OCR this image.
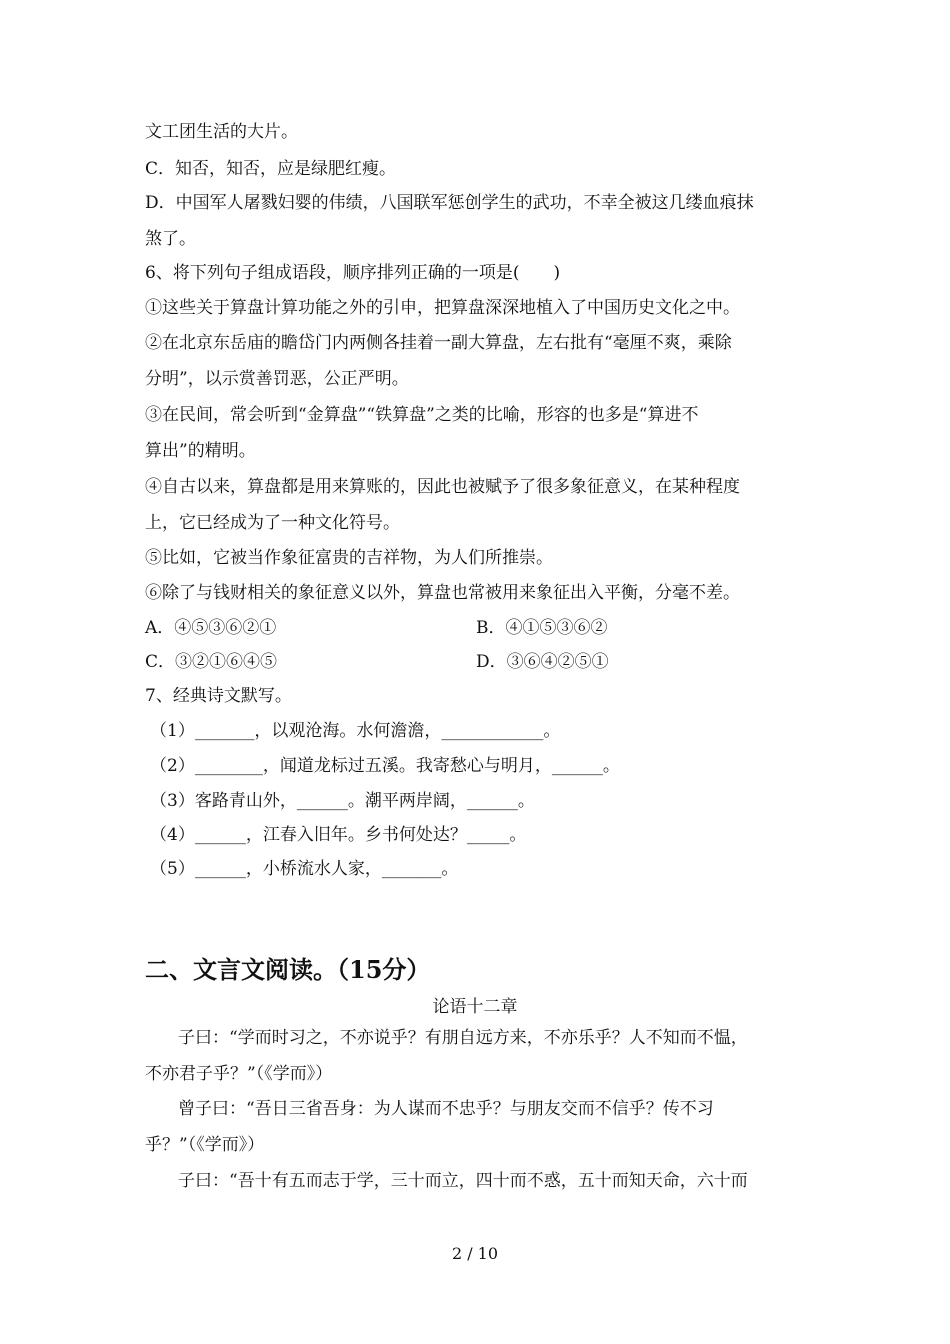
文工团生活的大片。
C．知否，知否，应是绿肥红瘦。
D．中国军人屠戮妇婴的伟绩，八国联军惩创学生的武功，不幸全被这几缕血痕抹
煞了。
6、将下列句子组成语段，顺序排列正确的一项是(　　)
①这些关于算盘计算功能之外的引申，把算盘深深地植入了中国历史文化之中。
②在北京东岳庙的瞻岱门内两侧各挂着一副大算盘，左右批有“毫厘不爽，乘除
分明”，以示赏善罚恶，公正严明。
③在民间，常会听到“金算盘”“铁算盘”之类的比喻，形容的也多是“算进不
算出”的精明。
④自古以来，算盘都是用来算账的，因此也被赋予了很多象征意义，在某种程度
上，它已经成为了一种文化符号。
⑤比如，它被当作象征富贵的吉祥物，为人们所推崇。
⑥除了与钱财相关的象征意义以外，算盘也常被用来象征出入平衡，分毫不差。
A．④⑤③⑥②①	B．④①⑤③⑥②
C．③②①⑥④⑤	D．③⑥④②⑤①
7、经典诗文默写。
（1）_______，以观沧海。水何澹澹，____________。
（2）________，闻道龙标过五溪。我寄愁心与明月，______。
（3）客路青山外，______。潮平两岸阔，______。
（4）______，江春入旧年。乡书何处达？_____。
（5）______，小桥流水人家，_______。
二、文言文阅读。（15分）
论语十二章
子曰：“学而时习之，不亦说乎？有朋自远方来，不亦乐乎？人不知而不愠，
不亦君子乎？”（《学而》）
曾子曰：“吾日三省吾身：为人谋而不忠乎？与朋友交而不信乎？传不习
乎？”（《学而》）
子曰：“吾十有五而志于学，三十而立，四十而不惑，五十而知天命，六十而
2 / 10
